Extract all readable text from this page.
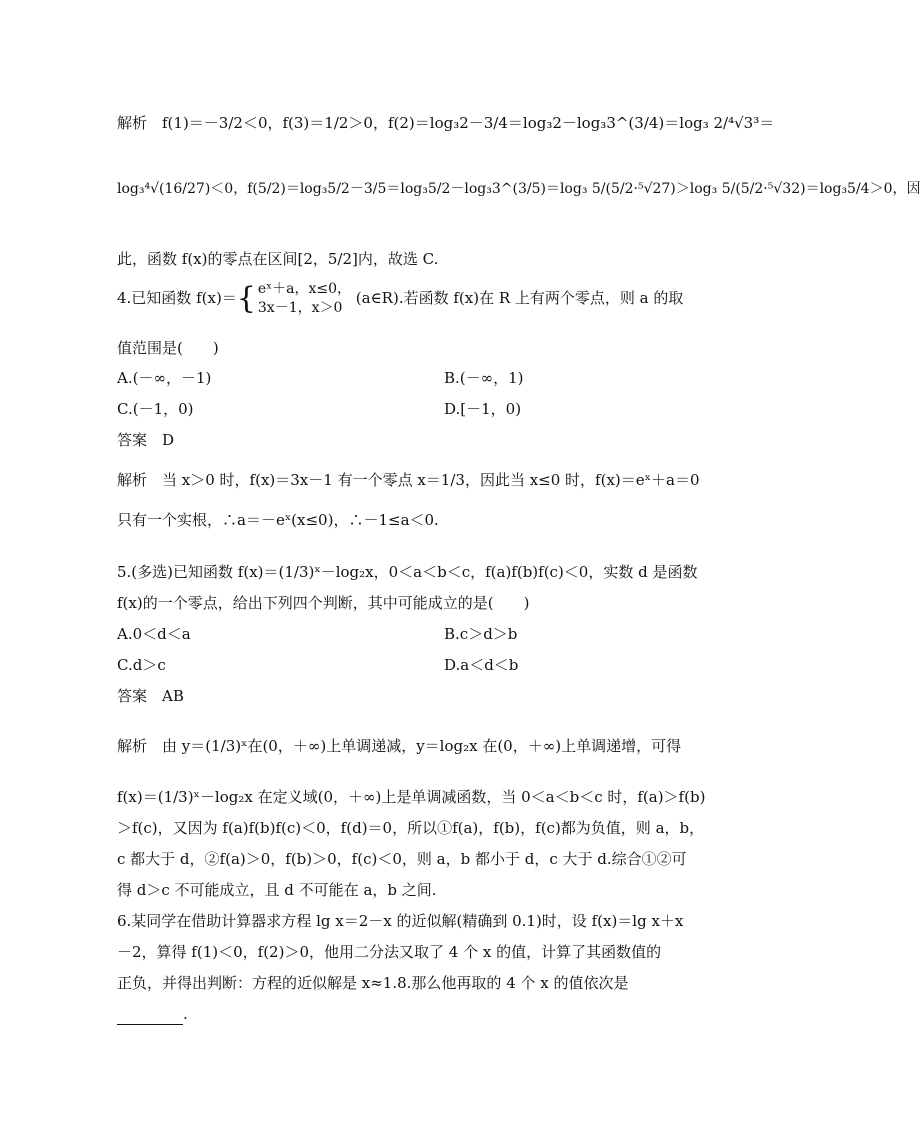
解析　f(1)＝－3/2＜0，f(3)＝1/2＞0，f(2)＝log₃2－3/4＝log₃2－log₃3^(3/4)＝log₃ 2/⁴√3³＝
log₃⁴√(16/27)＜0，f(5/2)＝log₃5/2－3/5＝log₃5/2－log₃3^(3/5)＝log₃ 5/(5/2·⁵√27)＞log₃ 5/(5/2·⁵√32)＝log₃5/4＞0，因
此，函数 f(x)的零点在区间[2，5/2]内，故选 C.
4.已知函数 f(x)＝{ eˣ＋a，x≤0，
3x－1，x＞0
(a∈R).若函数 f(x)在 R 上有两个零点，则 a 的取
值范围是(　　)
A.(－∞，－1)	B.(－∞，1)
C.(－1，0)	D.[－1，0)
答案　D
解析　当 x＞0 时，f(x)＝3x－1 有一个零点 x＝1/3，因此当 x≤0 时，f(x)＝eˣ＋a＝0
只有一个实根，∴a＝－eˣ(x≤0)，∴－1≤a＜0.
5.(多选)已知函数 f(x)＝(1/3)ˣ－log₂x，0＜a＜b＜c，f(a)f(b)f(c)＜0，实数 d 是函数
f(x)的一个零点，给出下列四个判断，其中可能成立的是(　　)
A.0＜d＜a	B.c＞d＞b
C.d＞c	D.a＜d＜b
答案　AB
解析　由 y＝(1/3)ˣ在(0，＋∞)上单调递减，y＝log₂x 在(0，＋∞)上单调递增，可得
f(x)＝(1/3)ˣ－log₂x 在定义域(0，＋∞)上是单调减函数，当 0＜a＜b＜c 时，f(a)＞f(b)
＞f(c)，又因为 f(a)f(b)f(c)＜0，f(d)＝0，所以①f(a)，f(b)，f(c)都为负值，则 a，b，
c 都大于 d，②f(a)＞0，f(b)＞0，f(c)＜0，则 a，b 都小于 d，c 大于 d.综合①②可
得 d＞c 不可能成立，且 d 不可能在 a，b 之间.
6.某同学在借助计算器求方程 lg x＝2－x 的近似解(精确到 0.1)时，设 f(x)＝lg x＋x
－2，算得 f(1)＜0，f(2)＞0，他用二分法又取了 4 个 x 的值，计算了其函数值的
正负，并得出判断：方程的近似解是 x≈1.8.那么他再取的 4 个 x 的值依次是
.
